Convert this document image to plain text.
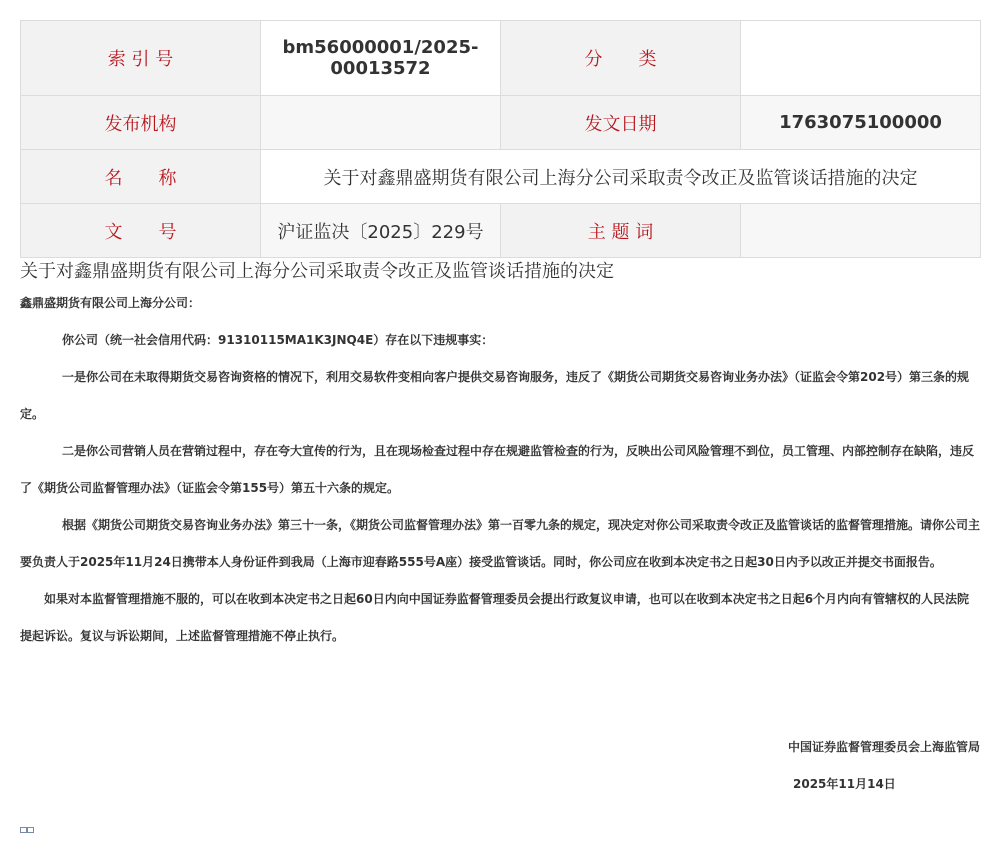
索 引 号	bm56000001/2025-00013572	分　　类	
发布机构		发文日期	1763075100000
名　　称	关于对鑫鼎盛期货有限公司上海分公司采取责令改正及监管谈话措施的决定		
文　　号	沪证监决〔2025〕229号	主 题 词	
关于对鑫鼎盛期货有限公司上海分公司采取责令改正及监管谈话措施的决定

鑫鼎盛期货有限公司上海分公司：

你公司（统一社会信用代码：91310115MA1K3JNQ4E）存在以下违规事实：

一是你公司在未取得期货交易咨询资格的情况下，利用交易软件变相向客户提供交易咨询服务，违反了《期货公司期货交易咨询业务办法》（证监会令第202号）第三条的规定。

二是你公司营销人员在营销过程中，存在夸大宣传的行为，且在现场检查过程中存在规避监管检查的行为，反映出公司风险管理不到位，员工管理、内部控制存在缺陷，违反了《期货公司监督管理办法》（证监会令第155号）第五十六条的规定。

根据《期货公司期货交易咨询业务办法》第三十一条，《期货公司监督管理办法》第一百零九条的规定，现决定对你公司采取责令改正及监管谈话的监督管理措施。请你公司主要负责人于2025年11月24日携带本人身份证件到我局（上海市迎春路555号A座）接受监管谈话。同时，你公司应在收到本决定书之日起30日内予以改正并提交书面报告。

如果对本监督管理措施不服的，可以在收到本决定书之日起60日内向中国证券监督管理委员会提出行政复议申请，也可以在收到本决定书之日起6个月内向有管辖权的人民法院提起诉讼。复议与诉讼期间，上述监督管理措施不停止执行。

中国证券监督管理委员会上海监管局
2025年11月14日
